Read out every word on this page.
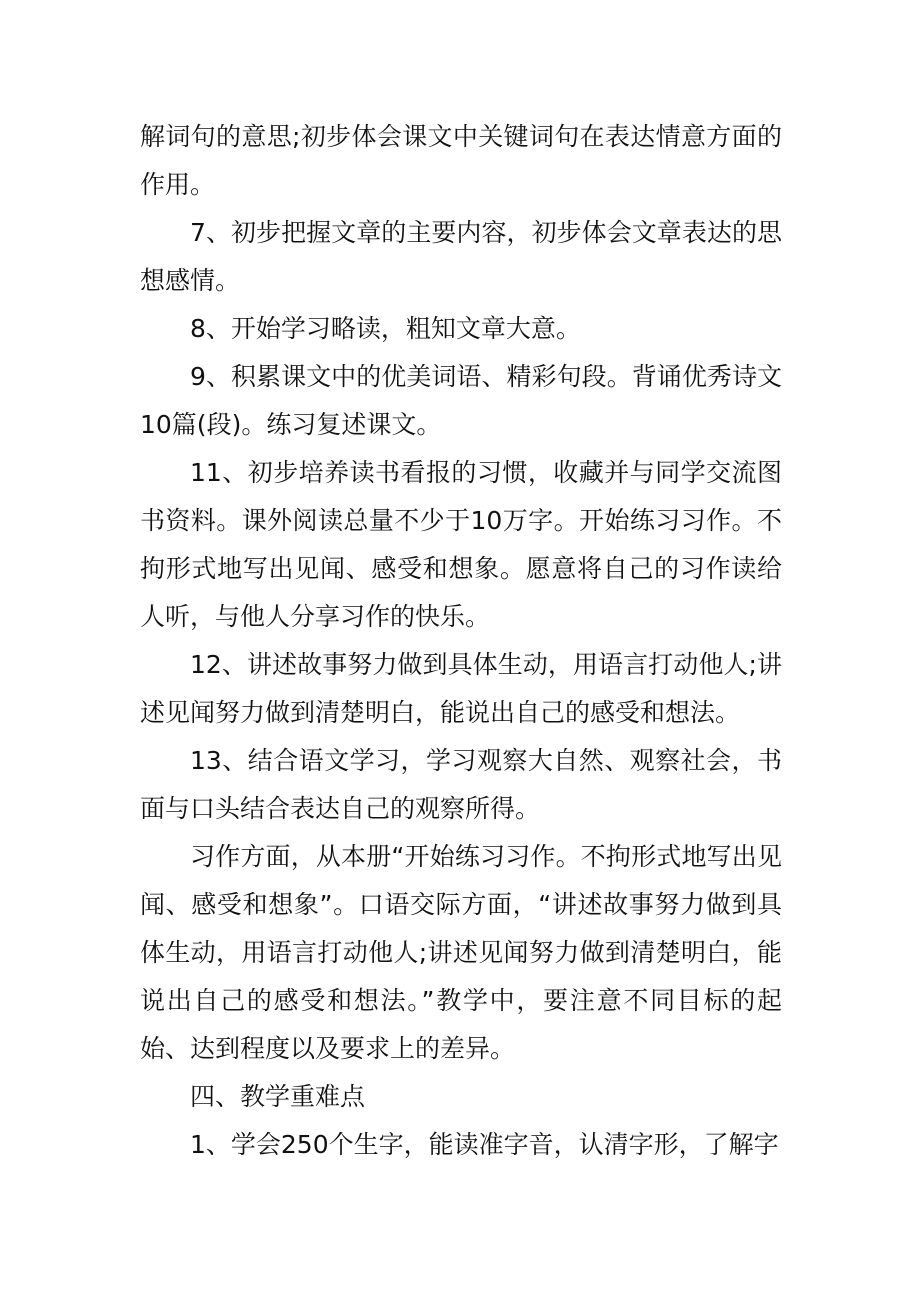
解词句的意思;初步体会课文中关键词句在表达情意方面的作用。

7、初步把握文章的主要内容，初步体会文章表达的思想感情。

8、开始学习略读，粗知文章大意。

9、积累课文中的优美词语、精彩句段。背诵优秀诗文10篇(段)。练习复述课文。

11、初步培养读书看报的习惯，收藏并与同学交流图书资料。课外阅读总量不少于10万字。开始练习习作。不拘形式地写出见闻、感受和想象。愿意将自己的习作读给人听，与他人分享习作的快乐。

12、讲述故事努力做到具体生动，用语言打动他人;讲述见闻努力做到清楚明白，能说出自己的感受和想法。

13、结合语文学习，学习观察大自然、观察社会，书面与口头结合表达自己的观察所得。

习作方面，从本册“开始练习习作。不拘形式地写出见闻、感受和想象”。口语交际方面，“讲述故事努力做到具体生动，用语言打动他人;讲述见闻努力做到清楚明白，能说出自己的感受和想法。”教学中，要注意不同目标的起始、达到程度以及要求上的差异。

四、教学重难点

1、学会250个生字，能读准字音，认清字形，了解字
